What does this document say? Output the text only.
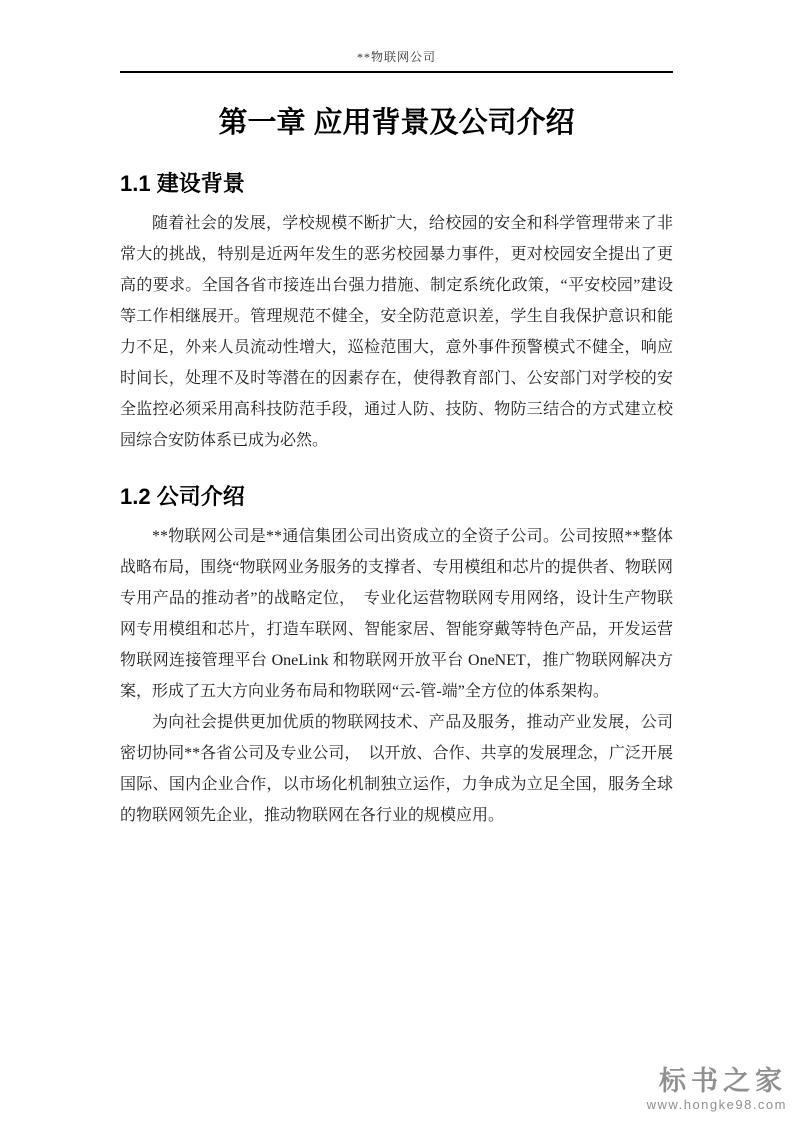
**物联网公司
第一章 应用背景及公司介绍
1.1 建设背景

随着社会的发展，学校规模不断扩大，给校园的安全和科学管理带来了非常大的挑战，特别是近两年发生的恶劣校园暴力事件，更对校园安全提出了更高的要求。全国各省市接连出台强力措施、制定系统化政策，“平安校园”建设等工作相继展开。管理规范不健全，安全防范意识差，学生自我保护意识和能力不足，外来人员流动性增大，巡检范围大，意外事件预警模式不健全，响应时间长，处理不及时等潜在的因素存在，使得教育部门、公安部门对学校的安全监控必须采用高科技防范手段，通过人防、技防、物防三结合的方式建立校园综合安防体系已成为必然。

1.2 公司介绍

**物联网公司是**通信集团公司出资成立的全资子公司。公司按照**整体战略布局，围绕“物联网业务服务的支撑者、专用模组和芯片的提供者、物联网专用产品的推动者”的战略定位，　专业化运营物联网专用网络，设计生产物联网专用模组和芯片，打造车联网、智能家居、智能穿戴等特色产品，开发运营物联网连接管理平台 OneLink 和物联网开放平台 OneNET，推广物联网解决方案，形成了五大方向业务布局和物联网“云-管-端”全方位的体系架构。

为向社会提供更加优质的物联网技术、产品及服务，推动产业发展，公司密切协同**各省公司及专业公司，　以开放、合作、共享的发展理念，广泛开展国际、国内企业合作，以市场化机制独立运作，力争成为立足全国，服务全球的物联网领先企业，推动物联网在各行业的规模应用。

标书之家
www.hongke98.com
